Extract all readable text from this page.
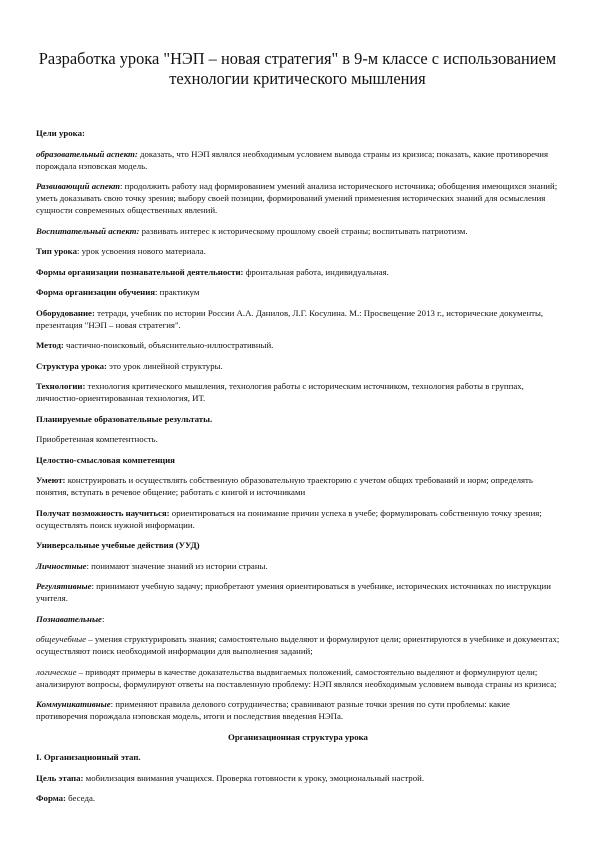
Разработка урока "НЭП – новая стратегия" в 9-м классе с использованием технологии критического мышления

Цели урока:

образовательный аспект: доказать, что НЭП являлся необходимым условием вывода страны из кризиса; показать, какие противоречия порождала нэповская модель.

Развивающий аспект: продолжить работу над формированием умений анализа исторического источника; обобщения имеющихся знаний; уметь доказывать свою точку зрения; выбору своей позиции, формирований умений применения исторических знаний для осмысления сущности современных общественных явлений.

Воспитательный аспект: развивать интерес к историческому прошлому своей страны; воспитывать патриотизм.

Тип урока: урок усвоения нового материала.

Формы организации познавательной деятельности: фронтальная работа, индивидуальная.

Форма организации обучения: практикум

Оборудование: тетради, учебник по истории России А.А. Данилов, Л.Г. Косулина. М.: Просвещение 2013 г., исторические документы, презентация "НЭП – новая стратегия".

Метод: частично-поисковый, объяснительно-иллюстративный.

Структура урока: это урок линейной структуры.

Технологии: технология критического мышления, технология работы с историческим источником, технология работы в группах, личностно-ориентированная технология, ИТ.

Планируемые образовательные результаты.

Приобретенная компетентность.

Целостно-смысловая компетенция

Умеют: конструировать и осуществлять собственную образовательную траекторию с учетом общих требований и норм; определять понятия, вступать в речевое общение; работать с книгой и источниками

Получат возможность научиться: ориентироваться на понимание причин успеха в учебе; формулировать собственную точку зрения; осуществлять поиск нужной информации.

Универсальные учебные действия (УУД)

Личностные: понимают значение знаний из истории страны.

Регулятивные: принимают учебную задачу; приобретают умения ориентироваться в учебнике, исторических источниках по инструкции учителя.

Познавательные:

общеучебные – умения структурировать знания; самостоятельно выделяют и формулируют цели; ориентируются в учебнике и документах; осуществляют поиск необходимой информации для выполнения заданий;

логические – приводят примеры в качестве доказательства выдвигаемых положений, самостоятельно выделяют и формулируют цели; анализируют вопросы, формулируют ответы на поставленную проблему: НЭП являлся необходимым условием вывода страны из кризиса;

Коммуникативные: применяют правила делового сотрудничества; сравнивают разные точки зрения по сути проблемы: какие противоречия порождала нэповская модель, итоги и последствия введения НЭПа.

Организационная структура урока

I. Организационный этап.

Цель этапа: мобилизация внимания учащихся. Проверка готовности к уроку, эмоциональный настрой.

Форма: беседа.
